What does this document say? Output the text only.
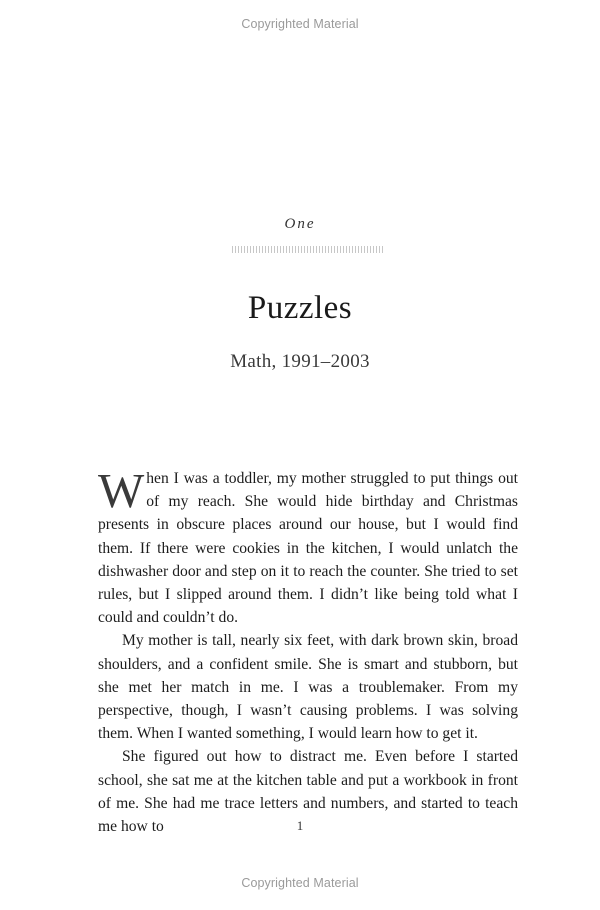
Copyrighted Material
One
Puzzles
Math, 1991–2003

When I was a toddler, my mother struggled to put things out of my reach. She would hide birthday and Christmas presents in obscure places around our house, but I would find them. If there were cookies in the kitchen, I would unlatch the dishwasher door and step on it to reach the counter. She tried to set rules, but I slipped around them. I didn’t like being told what I could and couldn’t do.

My mother is tall, nearly six feet, with dark brown skin, broad shoulders, and a confident smile. She is smart and stubborn, but she met her match in me. I was a troublemaker. From my perspective, though, I wasn’t causing problems. I was solving them. When I wanted something, I would learn how to get it.

She figured out how to distract me. Even before I started school, she sat me at the kitchen table and put a workbook in front of me. She had me trace letters and numbers, and started to teach me how to	1
Copyrighted Material
